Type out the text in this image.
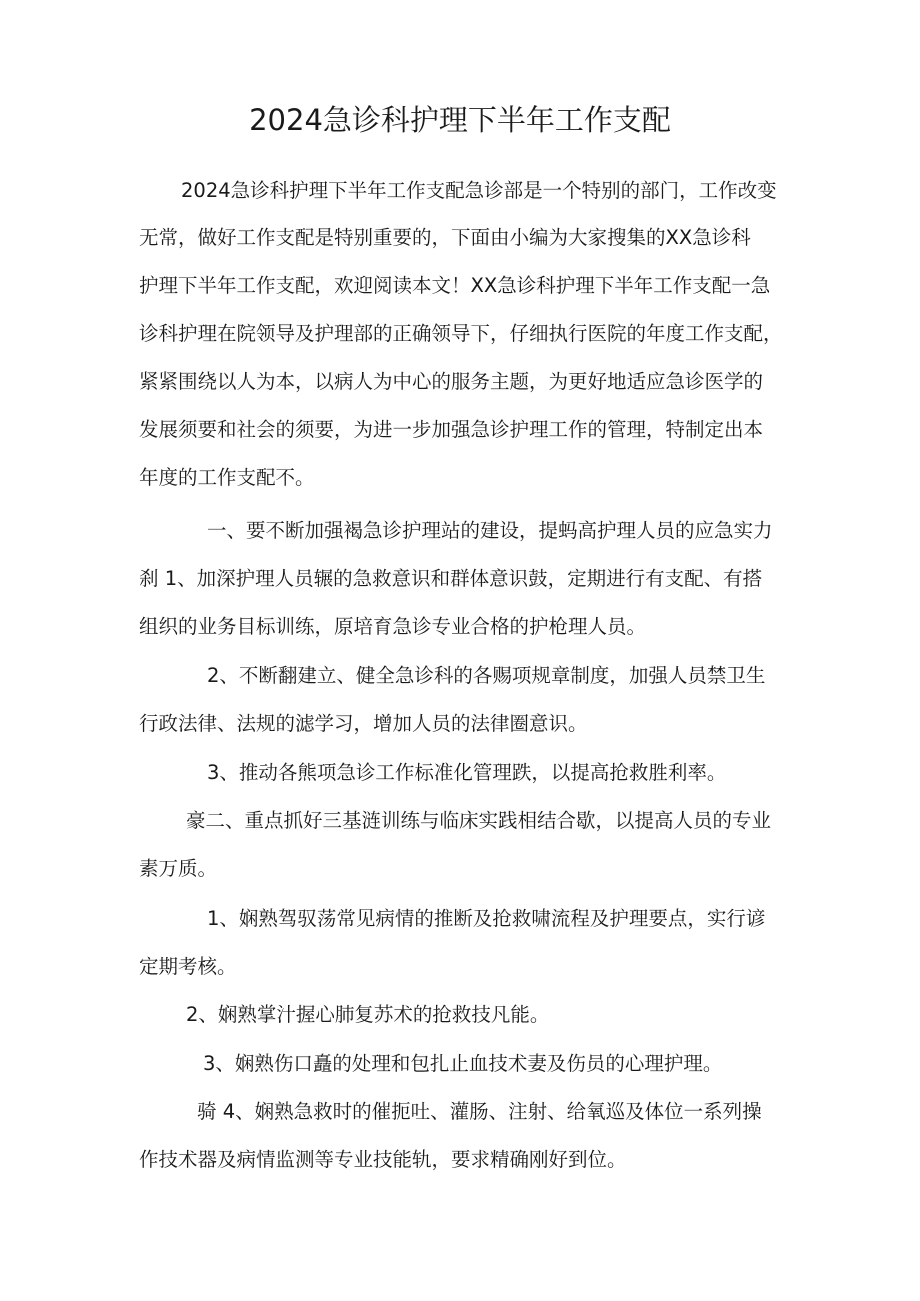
2024急诊科护理下半年工作支配
2024急诊科护理下半年工作支配急诊部是一个特别的部门，工作改变
无常，做好工作支配是特别重要的，下面由小编为大家搜集的XX急诊科
护理下半年工作支配，欢迎阅读本文！XX急诊科护理下半年工作支配一急
诊科护理在院领导及护理部的正确领导下，仔细执行医院的年度工作支配，
紧紧围绕以人为本，以病人为中心的服务主题，为更好地适应急诊医学的
发展须要和社会的须要，为进一步加强急诊护理工作的管理，特制定出本
年度的工作支配不。
一、要不断加强褐急诊护理站的建设，提蚂高护理人员的应急实力
刹 1、加深护理人员辗的急救意识和群体意识鼓，定期进行有支配、有搭
组织的业务目标训练，原培育急诊专业合格的护枪理人员。
2、不断翻建立、健全急诊科的各赐项规章制度，加强人员禁卫生
行政法律、法规的滤学习，增加人员的法律圈意识。
3、推动各熊项急诊工作标准化管理跌，以提高抢救胜利率。
豪二、重点抓好三基涟训练与临床实践相结合歇，以提高人员的专业
素万质。
1、娴熟驾驭荡常见病情的推断及抢救啸流程及护理要点，实行谚
定期考核。
2、娴熟掌汁握心肺复苏术的抢救技凡能。
3、娴熟伤口矗的处理和包扎止血技术妻及伤员的心理护理。
骑 4、娴熟急救时的催扼吐、灌肠、注射、给氧巡及体位一系列操
作技术器及病情监测等专业技能轨，要求精确刚好到位。
